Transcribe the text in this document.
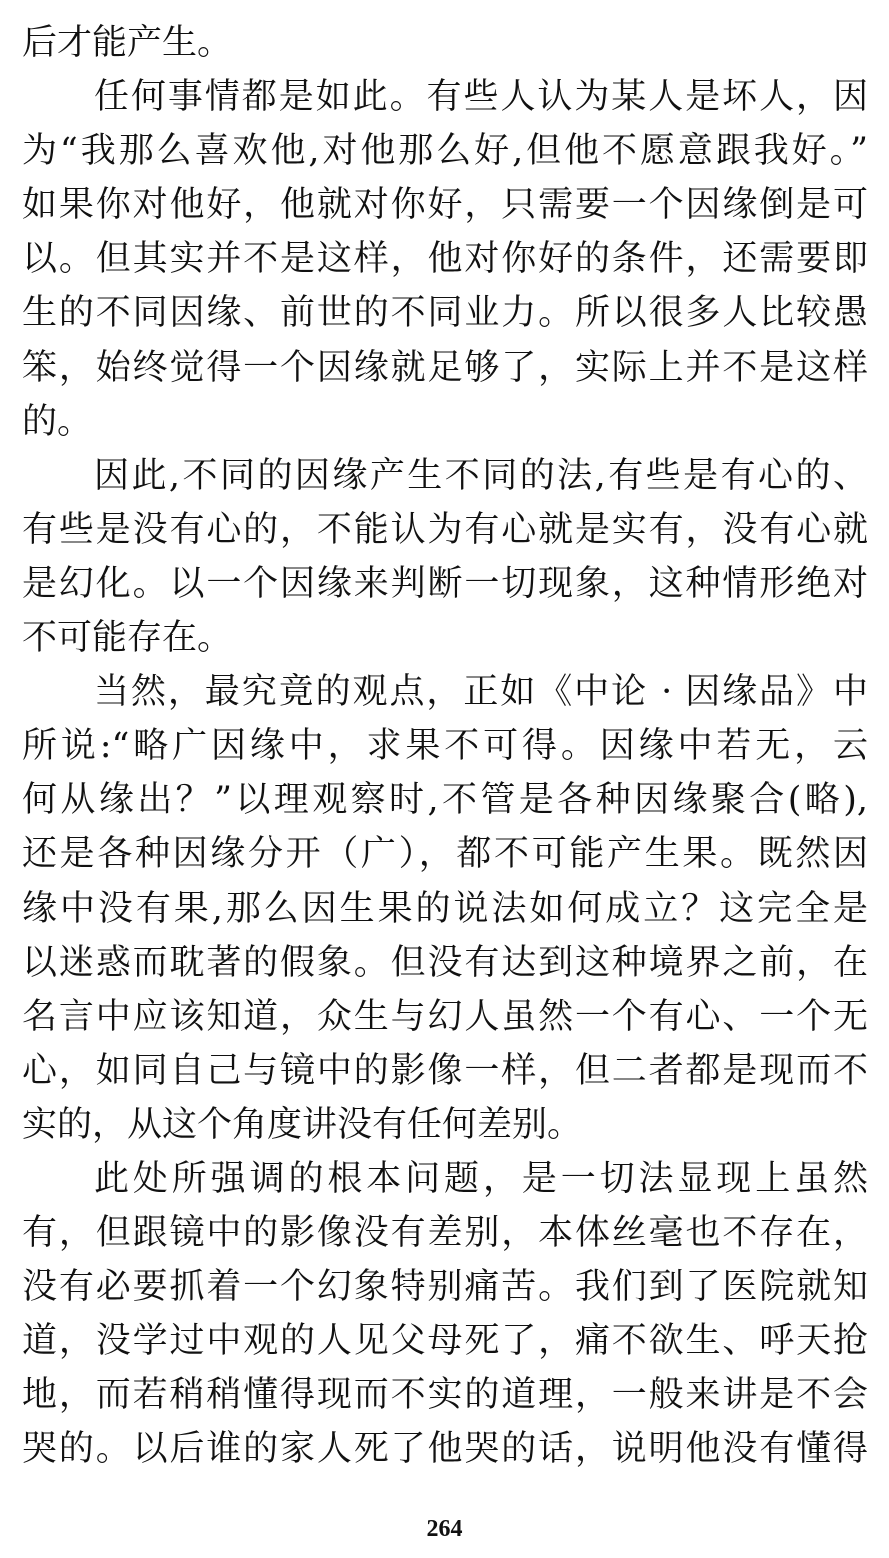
后才能产生。
任何事情都是如此。有些人认为某人是坏人，因
为“我那么喜欢他,对他那么好,但他不愿意跟我好。”
如果你对他好，他就对你好，只需要一个因缘倒是可
以。但其实并不是这样，他对你好的条件，还需要即
生的不同因缘、前世的不同业力。所以很多人比较愚
笨，始终觉得一个因缘就足够了，实际上并不是这样
的。
因此,不同的因缘产生不同的法,有些是有心的、
有些是没有心的，不能认为有心就是实有，没有心就
是幻化。以一个因缘来判断一切现象，这种情形绝对
不可能存在。
当然，最究竟的观点，正如《中论 · 因缘品》中
所说:“略广因缘中，求果不可得。因缘中若无，云
何从缘出？”以理观察时,不管是各种因缘聚合(略),
还是各种因缘分开（广），都不可能产生果。既然因
缘中没有果,那么因生果的说法如何成立？这完全是
以迷惑而耽著的假象。但没有达到这种境界之前，在
名言中应该知道，众生与幻人虽然一个有心、一个无
心，如同自己与镜中的影像一样，但二者都是现而不
实的，从这个角度讲没有任何差别。
此处所强调的根本问题，是一切法显现上虽然
有，但跟镜中的影像没有差别，本体丝毫也不存在，
没有必要抓着一个幻象特别痛苦。我们到了医院就知
道，没学过中观的人见父母死了，痛不欲生、呼天抢
地，而若稍稍懂得现而不实的道理，一般来讲是不会
哭的。以后谁的家人死了他哭的话，说明他没有懂得
264
